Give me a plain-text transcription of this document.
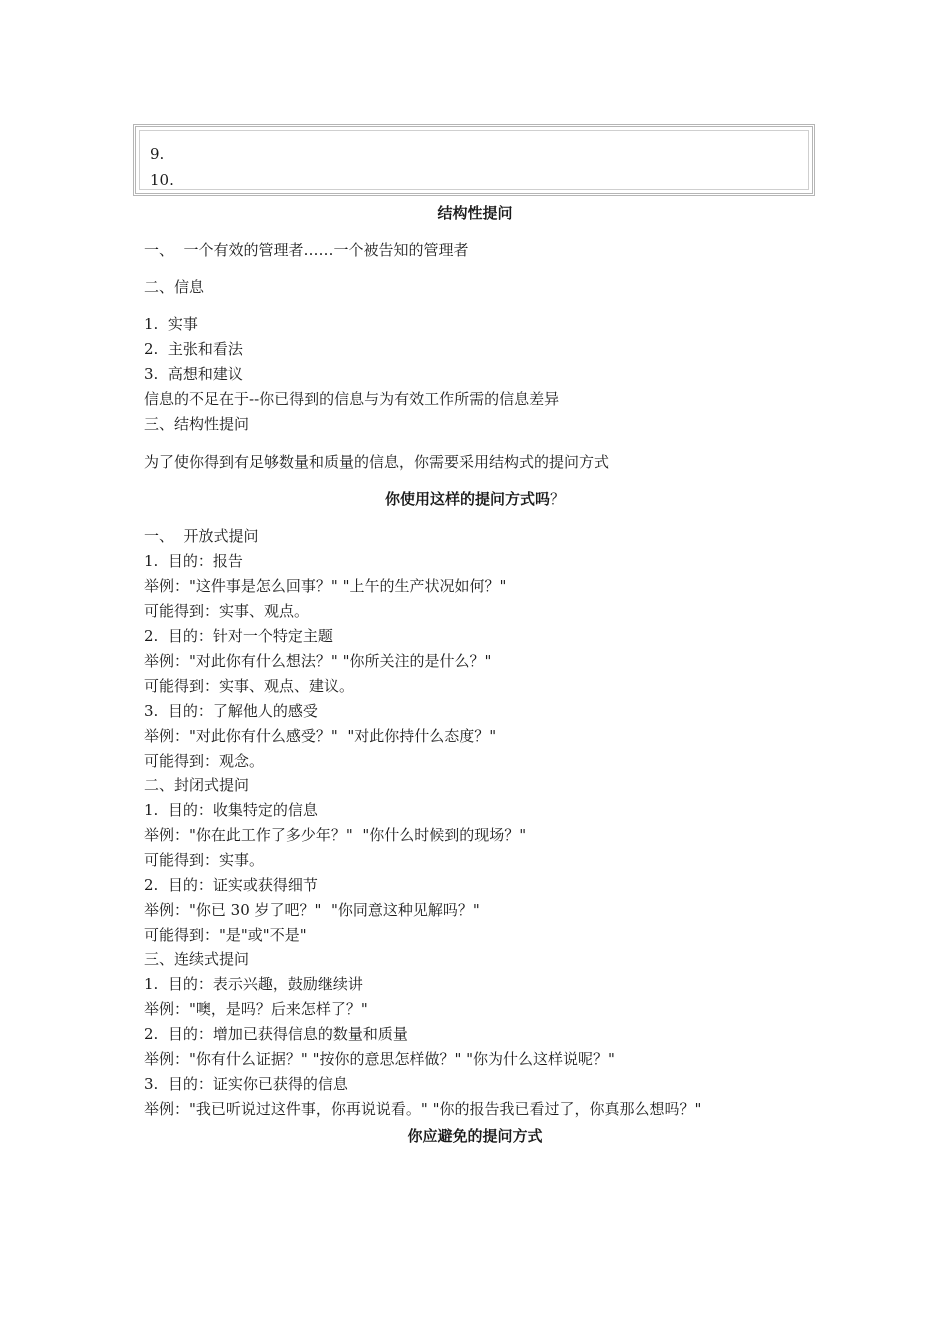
9.
10.
结构性提问
一、  一个有效的管理者……一个被告知的管理者
二、信息
1.  实事
2.  主张和看法
3.  高想和建议
信息的不足在于--你已得到的信息与为有效工作所需的信息差异
三、结构性提问
为了使你得到有足够数量和质量的信息，你需要采用结构式的提问方式
你使用这样的提问方式吗？
一、  开放式提问
1.  目的：报告
举例："这件事是怎么回事？" "上午的生产状况如何？"
可能得到：实事、观点。
2.  目的：针对一个特定主题
举例："对此你有什么想法？" "你所关注的是什么？"
可能得到：实事、观点、建议。
3.  目的：了解他人的感受
举例："对此你有什么感受？"  "对此你持什么态度？"
可能得到：观念。
二、封闭式提问
1.  目的：收集特定的信息
举例："你在此工作了多少年？"  "你什么时候到的现场？"
可能得到：实事。
2.  目的：证实或获得细节
举例："你已 30 岁了吧？"  "你同意这种见解吗？"
可能得到："是"或"不是"
三、连续式提问
1.  目的：表示兴趣，鼓励继续讲
举例："噢，是吗？后来怎样了？"
2.  目的：增加已获得信息的数量和质量
举例："你有什么证据？" "按你的意思怎样做？" "你为什么这样说呢？"
3.  目的：证实你已获得的信息
举例："我已听说过这件事，你再说说看。" "你的报告我已看过了，你真那么想吗？"
你应避免的提问方式
